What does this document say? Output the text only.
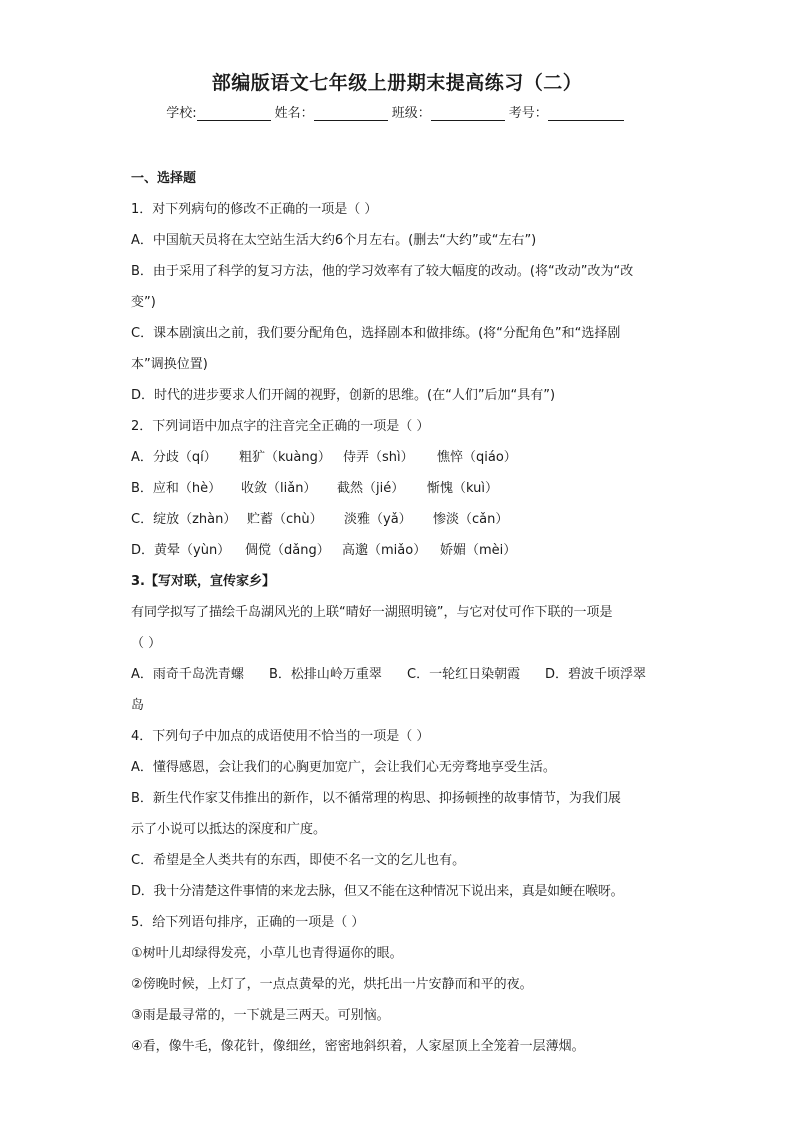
部编版语文七年级上册期末提高练习（二）
学校:	姓名：	班级：	考号：
一、选择题
1．对下列病句的修改不正确的一项是（ ）
A．中国航天员将在太空站生活大约6个月左右。(删去“大约”或“左右”)
B．由于采用了科学的复习方法，他的学习效率有了较大幅度的改动。(将“改动”改为“改
变”)
C．课本剧演出之前，我们要分配角色，选择剧本和做排练。(将“分配角色”和“选择剧
本”调换位置)
D．时代的进步要求人们开阔的视野，创新的思维。(在“人们”后加“具有”)
2．下列词语中加点字的注音完全正确的一项是（ ）
A．分歧（qí）	粗犷（kuàng） 侍弄（shì）	憔悴（qiáo）
B．应和（hè）	收敛（liǎn）	截然（jié）	惭愧（kuì）
C．绽放（zhàn） 贮蓄（chù）	淡雅（yǎ）	惨淡（cǎn）
D．黄晕（yùn）	倜傥（dǎng） 高邈（miǎo）	娇媚（mèi）
3.【写对联，宣传家乡】
有同学拟写了描绘千岛湖风光的上联“晴好一湖照明镜”，与它对仗可作下联的一项是
（ ）
A．雨奇千岛洗青螺	B．松排山岭万重翠	C．一轮红日染朝霞	D．碧波千顷浮翠
岛
4．下列句子中加点的成语使用不恰当的一项是（ ）
A．懂得感恩，会让我们的心胸更加宽广，会让我们心无旁骛地享受生活。
B．新生代作家艾伟推出的新作，以不循常理的构思、抑扬顿挫的故事情节，为我们展
示了小说可以抵达的深度和广度。
C．希望是全人类共有的东西，即使不名一文的乞儿也有。
D．我十分清楚这件事情的来龙去脉，但又不能在这种情况下说出来，真是如鲠在喉呀。
5．给下列语句排序，正确的一项是（ ）
①树叶儿却绿得发亮，小草儿也青得逼你的眼。
②傍晚时候，上灯了，一点点黄晕的光，烘托出一片安静而和平的夜。
③雨是最寻常的，一下就是三两天。可别恼。
④看，像牛毛，像花针，像细丝，密密地斜织着，人家屋顶上全笼着一层薄烟。
